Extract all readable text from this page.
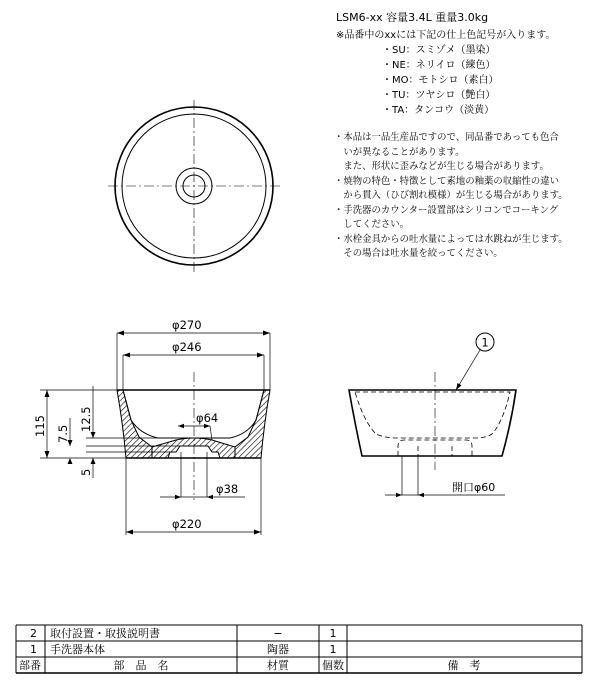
LSM6-xx 容量3.4L 重量3.0kg
※品番中のxxには下記の仕上色記号が入ります。
・SU：スミゾメ（墨染）
・NE：ネリイロ（練色）
・MO：モトシロ（素白）
・TU：ツヤシロ（艶白）
・TA：タンコウ（淡黄）
・本品は一品生産品ですので、同品番であっても色合
　いが異なることがあります。
　また、形状に歪みなどが生じる場合があります。
・焼物の特色・特徴として素地の釉薬の収縮性の違い
　から貫入（ひび割れ模様）が生じる場合があります。
・手洗器のカウンター設置部はシリコンでコーキング
　してください。
・水栓金具からの吐水量によっては水跳ねが生じます。
　その場合は吐水量を絞ってください。
φ270
φ246
φ64
φ38
φ220
115	12.5
7.5
5
1
開口φ60
2 取付設置・取扱説明書	−	1
1 手洗器本体	陶器	1
部番	部　品　名	材質	個数	備　考
